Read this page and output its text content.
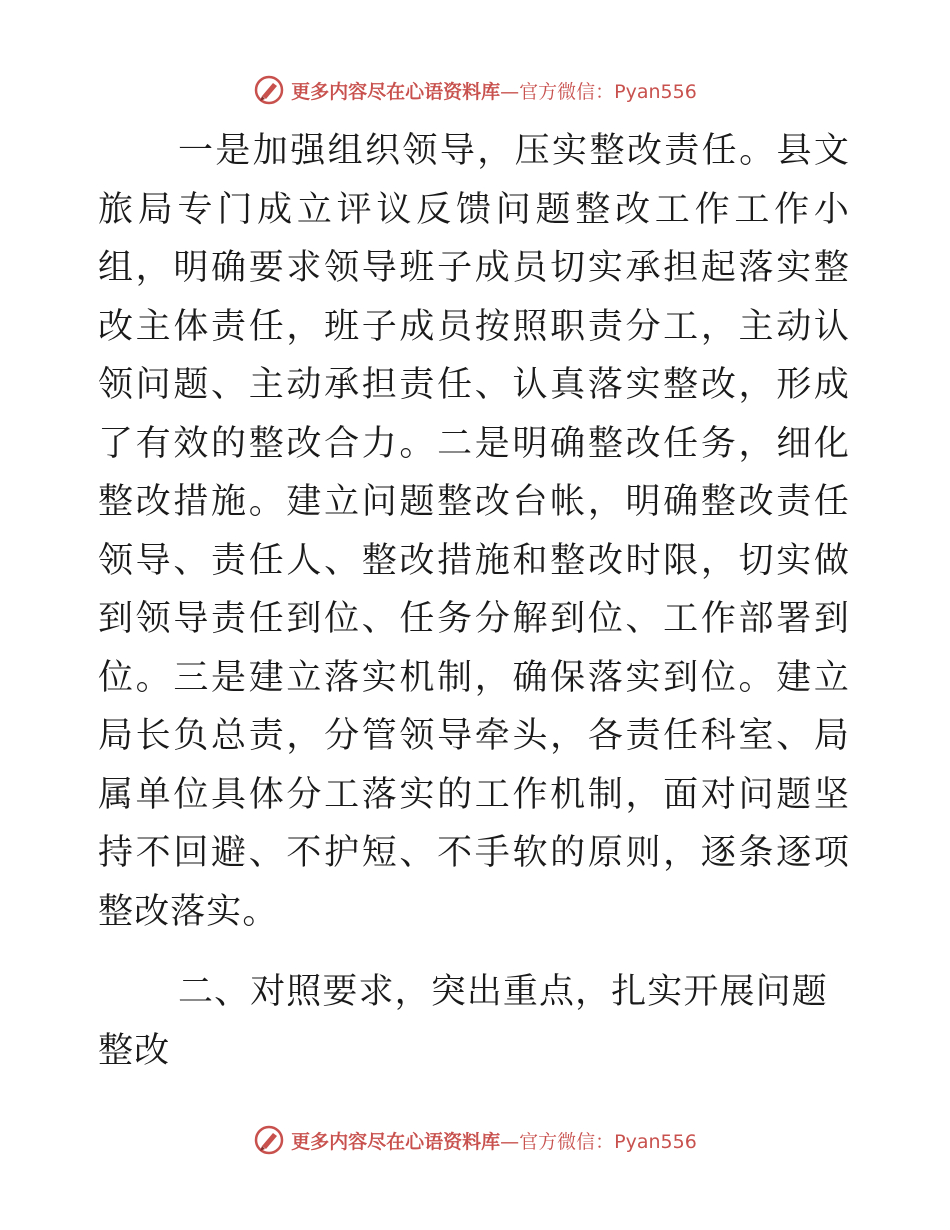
更多内容尽在心语资料库—官方微信：Pyan556

一是加强组织领导，压实整改责任。县文旅局专门成立评议反馈问题整改工作工作小组，明确要求领导班子成员切实承担起落实整改主体责任，班子成员按照职责分工，主动认领问题、主动承担责任、认真落实整改，形成了有效的整改合力。二是明确整改任务，细化整改措施。建立问题整改台帐，明确整改责任领导、责任人、整改措施和整改时限，切实做到领导责任到位、任务分解到位、工作部署到位。三是建立落实机制，确保落实到位。建立局长负总责，分管领导牵头，各责任科室、局属单位具体分工落实的工作机制，面对问题坚持不回避、不护短、不手软的原则，逐条逐项整改落实。

二、对照要求，突出重点，扎实开展问题整改

更多内容尽在心语资料库—官方微信：Pyan556
